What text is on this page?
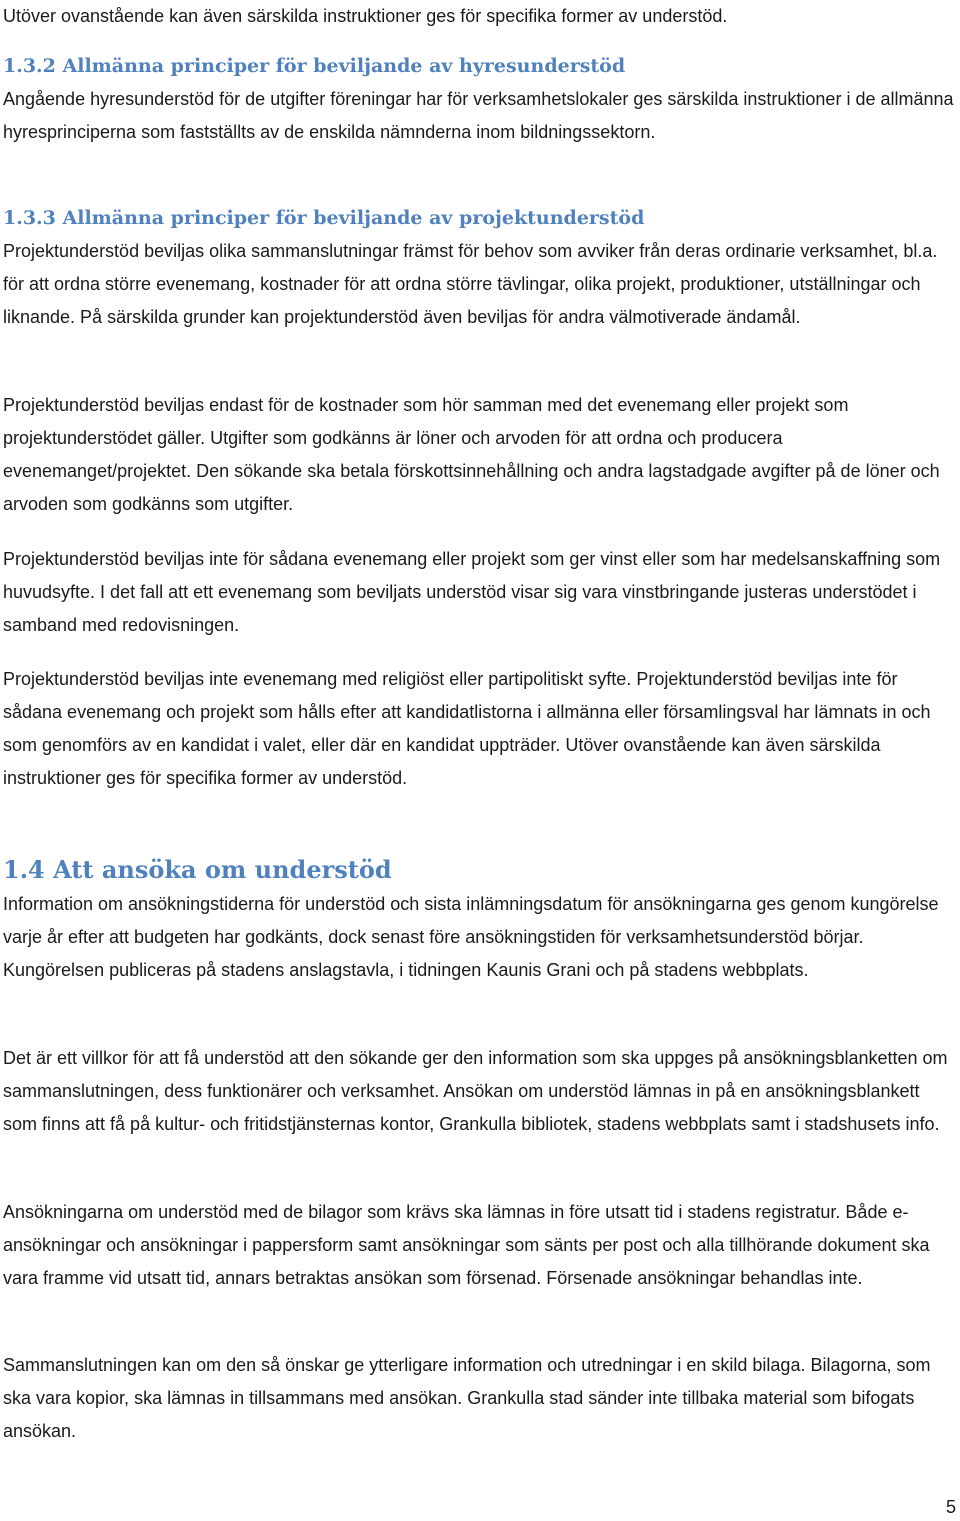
Utöver ovanstående kan även särskilda instruktioner ges för specifika former av understöd.

1.3.2 Allmänna principer för beviljande av hyresunderstöd

Angående hyresunderstöd för de utgifter föreningar har för verksamhetslokaler ges särskilda instruktioner i de allmänna hyresprinciperna som fastställts av de enskilda nämnderna inom bildningssektorn.

1.3.3 Allmänna principer för beviljande av projektunderstöd

Projektunderstöd beviljas olika sammanslutningar främst för behov som avviker från deras ordinarie verksamhet, bl.a. för att ordna större evenemang, kostnader för att ordna större tävlingar, olika projekt, produktioner, utställningar och liknande. På särskilda grunder kan projektunderstöd även beviljas för andra välmotiverade ändamål.

Projektunderstöd beviljas endast för de kostnader som hör samman med det evenemang eller projekt som projektunderstödet gäller. Utgifter som godkänns är löner och arvoden för att ordna och producera evenemanget/projektet. Den sökande ska betala förskottsinnehållning och andra lagstadgade avgifter på de löner och arvoden som godkänns som utgifter.

Projektunderstöd beviljas inte för sådana evenemang eller projekt som ger vinst eller som har medelsanskaffning som huvudsyfte. I det fall att ett evenemang som beviljats understöd visar sig vara vinstbringande justeras understödet i samband med redovisningen.

Projektunderstöd beviljas inte evenemang med religiöst eller partipolitiskt syfte. Projektunderstöd beviljas inte för sådana evenemang och projekt som hålls efter att kandidatlistorna i allmänna eller församlingsval har lämnats in och som genomförs av en kandidat i valet, eller där en kandidat uppträder. Utöver ovanstående kan även särskilda instruktioner ges för specifika former av understöd.

1.4 Att ansöka om understöd

Information om ansökningstiderna för understöd och sista inlämningsdatum för ansökningarna ges genom kungörelse varje år efter att budgeten har godkänts, dock senast före ansökningstiden för verksamhetsunderstöd börjar. Kungörelsen publiceras på stadens anslagstavla, i tidningen Kaunis Grani och på stadens webbplats.

Det är ett villkor för att få understöd att den sökande ger den information som ska uppges på ansökningsblanketten om sammanslutningen, dess funktionärer och verksamhet. Ansökan om understöd lämnas in på en ansökningsblankett som finns att få på kultur- och fritidstjänsternas kontor, Grankulla bibliotek, stadens webbplats samt i stadshusets info.

Ansökningarna om understöd med de bilagor som krävs ska lämnas in före utsatt tid i stadens registratur. Både e-ansökningar och ansökningar i pappersform samt ansökningar som sänts per post och alla tillhörande dokument ska vara framme vid utsatt tid, annars betraktas ansökan som försenad. Försenade ansökningar behandlas inte.

Sammanslutningen kan om den så önskar ge ytterligare information och utredningar i en skild bilaga. Bilagorna, som ska vara kopior, ska lämnas in tillsammans med ansökan. Grankulla stad sänder inte tillbaka material som bifogats ansökan.

5
